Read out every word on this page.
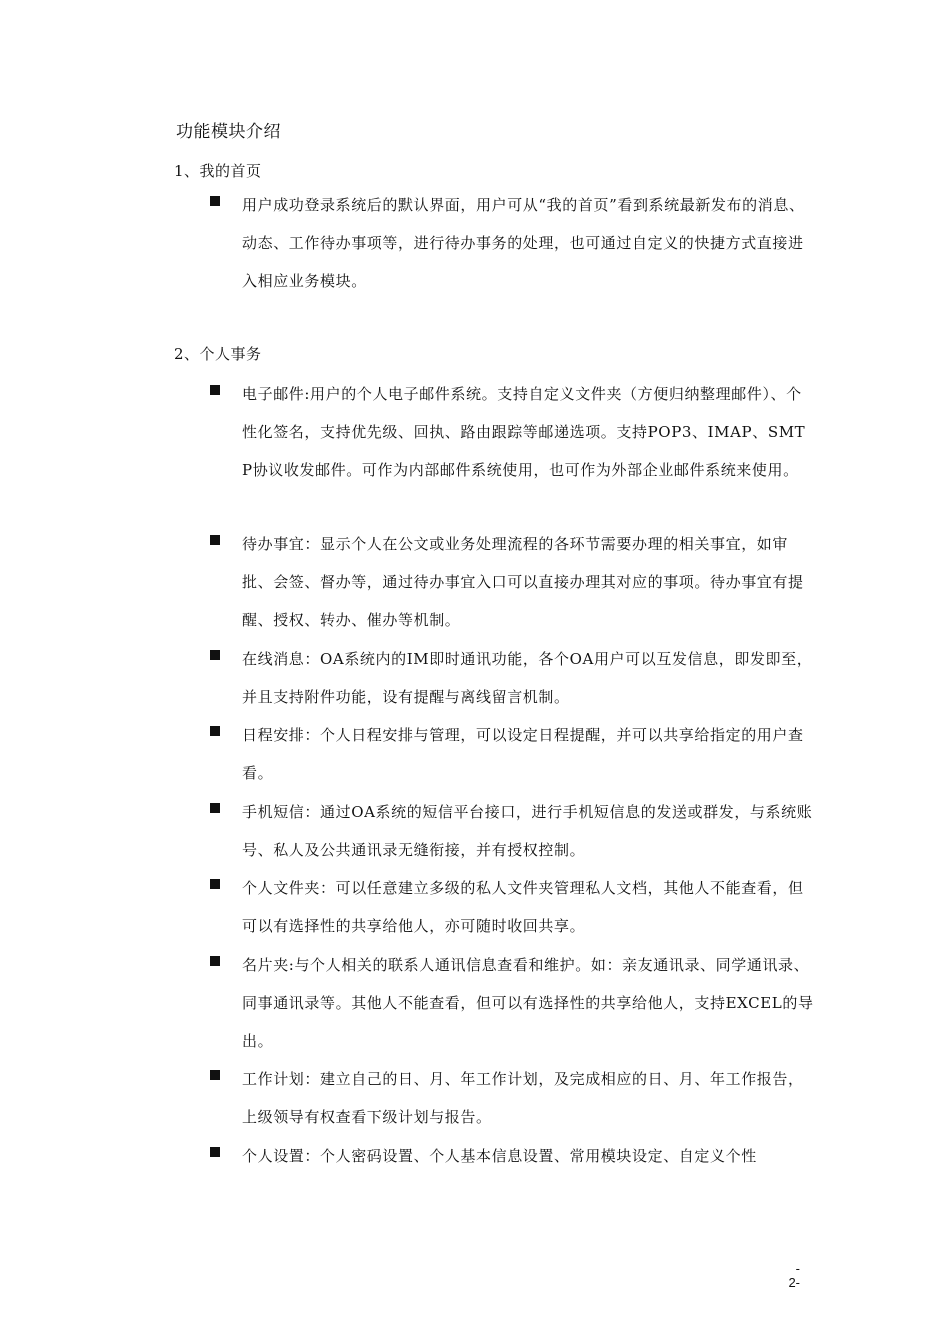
功能模块介绍
1、我的首页
用户成功登录系统后的默认界面，用户可从“我的首页”看到系统最新发布的消息、动态、工作待办事项等，进行待办事务的处理，也可通过自定义的快捷方式直接进入相应业务模块。
2、个人事务
电子邮件:用户的个人电子邮件系统。支持自定义文件夹（方便归纳整理邮件）、个性化签名，支持优先级、回执、路由跟踪等邮递选项。支持POP3、IMAP、SMTP协议收发邮件。可作为内部邮件系统使用，也可作为外部企业邮件系统来使用。
待办事宜：显示个人在公文或业务处理流程的各环节需要办理的相关事宜，如审批、会签、督办等，通过待办事宜入口可以直接办理其对应的事项。待办事宜有提醒、授权、转办、催办等机制。
在线消息：OA系统内的IM即时通讯功能，各个OA用户可以互发信息，即发即至，并且支持附件功能，设有提醒与离线留言机制。
日程安排：个人日程安排与管理，可以设定日程提醒，并可以共享给指定的用户查看。
手机短信：通过OA系统的短信平台接口，进行手机短信息的发送或群发，与系统账号、私人及公共通讯录无缝衔接，并有授权控制。
个人文件夹：可以任意建立多级的私人文件夹管理私人文档，其他人不能查看，但可以有选择性的共享给他人，亦可随时收回共享。
名片夹:与个人相关的联系人通讯信息查看和维护。如：亲友通讯录、同学通讯录、同事通讯录等。其他人不能查看，但可以有选择性的共享给他人，支持EXCEL的导出。
工作计划：建立自己的日、月、年工作计划，及完成相应的日、月、年工作报告，上级领导有权查看下级计划与报告。
个人设置：个人密码设置、个人基本信息设置、常用模块设定、自定义个性
-
2-
